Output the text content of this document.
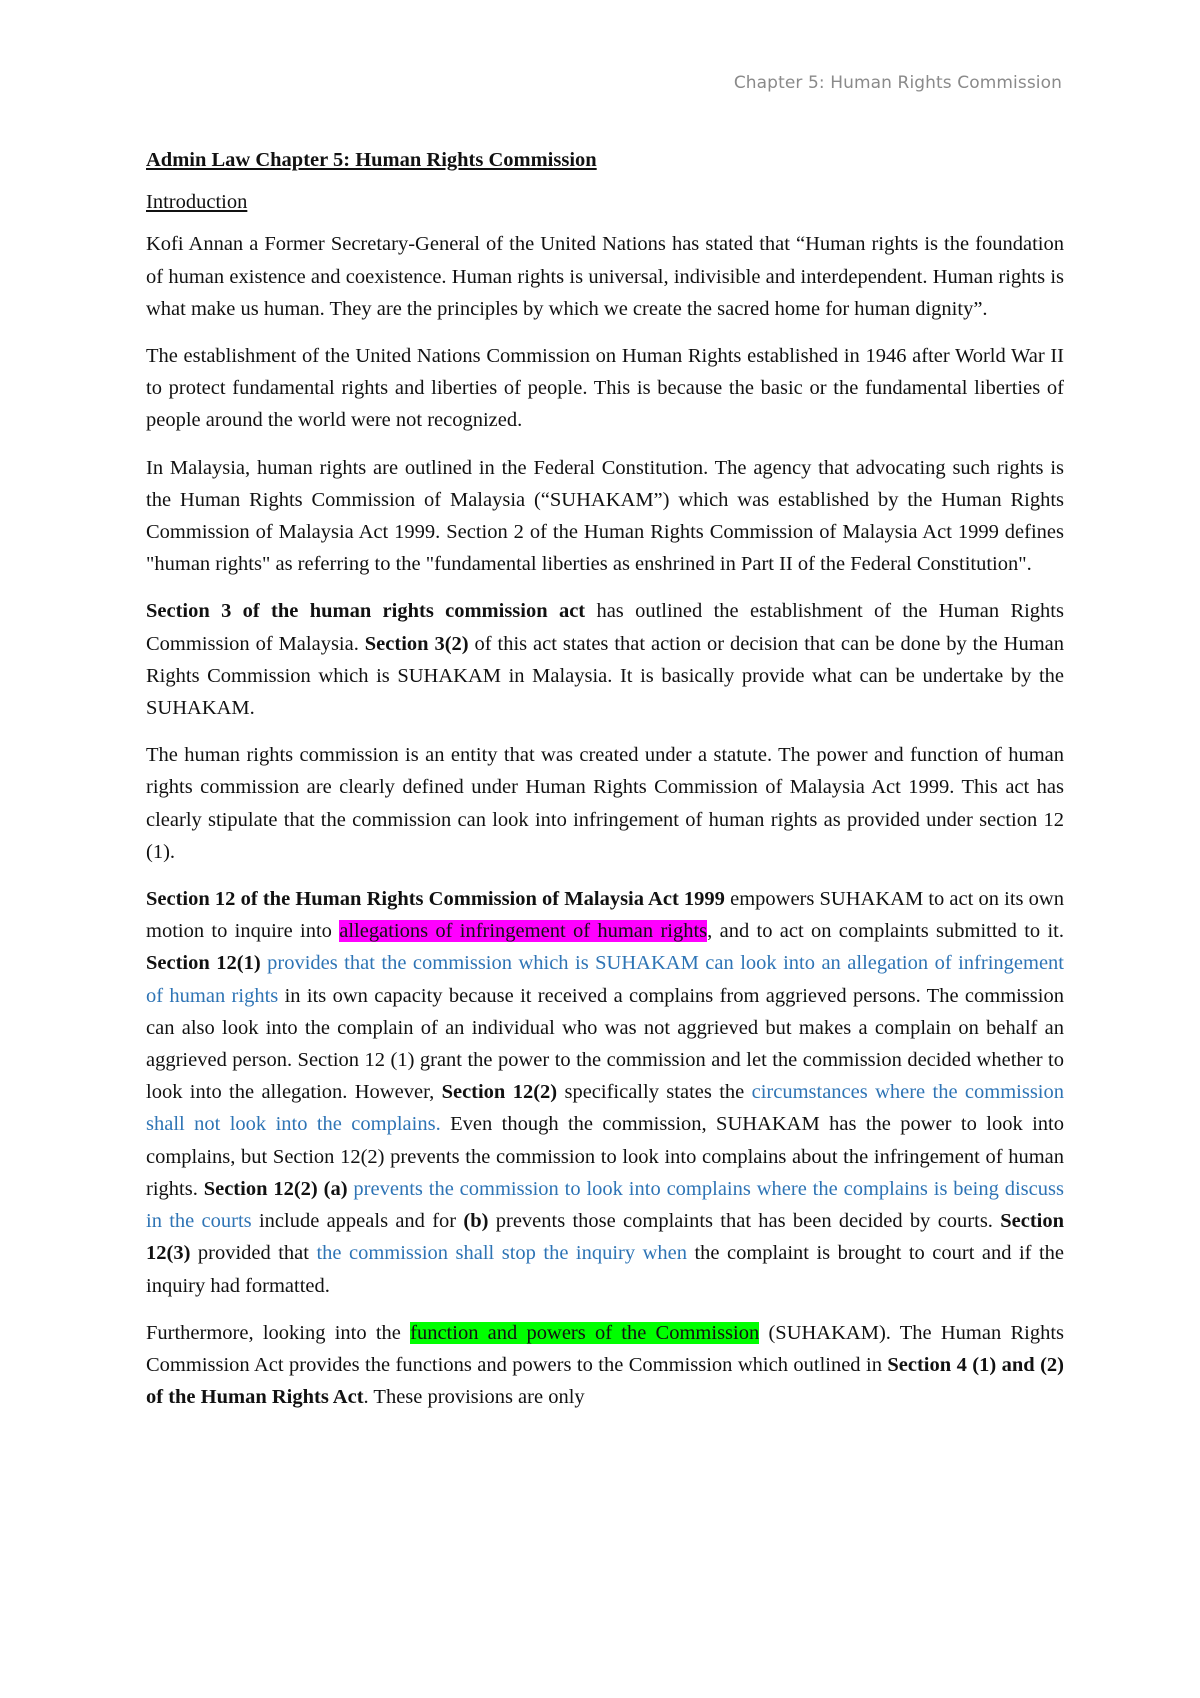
Chapter 5: Human Rights Commission

Admin Law Chapter 5: Human Rights Commission

Introduction

Kofi Annan a Former Secretary-General of the United Nations has stated that “Human rights is the foundation of human existence and coexistence. Human rights is universal, indivisible and interdependent. Human rights is what make us human. They are the principles by which we create the sacred home for human dignity”.

The establishment of the United Nations Commission on Human Rights established in 1946 after World War II to protect fundamental rights and liberties of people. This is because the basic or the fundamental liberties of people around the world were not recognized.

In Malaysia, human rights are outlined in the Federal Constitution. The agency that advocating such rights is the Human Rights Commission of Malaysia (“SUHAKAM”) which was established by the Human Rights Commission of Malaysia Act 1999. Section 2 of the Human Rights Commission of Malaysia Act 1999 defines "human rights" as referring to the "fundamental liberties as enshrined in Part II of the Federal Constitution".

Section 3 of the human rights commission act has outlined the establishment of the Human Rights Commission of Malaysia. Section 3(2) of this act states that action or decision that can be done by the Human Rights Commission which is SUHAKAM in Malaysia. It is basically provide what can be undertake by the SUHAKAM.

The human rights commission is an entity that was created under a statute. The power and function of human rights commission are clearly defined under Human Rights Commission of Malaysia Act 1999. This act has clearly stipulate that the commission can look into infringement of human rights as provided under section 12 (1).

Section 12 of the Human Rights Commission of Malaysia Act 1999 empowers SUHAKAM to act on its own motion to inquire into allegations of infringement of human rights, and to act on complaints submitted to it. Section 12(1) provides that the commission which is SUHAKAM can look into an allegation of infringement of human rights in its own capacity because it received a complains from aggrieved persons. The commission can also look into the complain of an individual who was not aggrieved but makes a complain on behalf an aggrieved person. Section 12 (1) grant the power to the commission and let the commission decided whether to look into the allegation. However, Section 12(2) specifically states the circumstances where the commission shall not look into the complains. Even though the commission, SUHAKAM has the power to look into complains, but Section 12(2) prevents the commission to look into complains about the infringement of human rights. Section 12(2) (a) prevents the commission to look into complains where the complains is being discuss in the courts include appeals and for (b) prevents those complaints that has been decided by courts. Section 12(3) provided that the commission shall stop the inquiry when the complaint is brought to court and if the inquiry had formatted.

Furthermore, looking into the function and powers of the Commission (SUHAKAM). The Human Rights Commission Act provides the functions and powers to the Commission which outlined in Section 4 (1) and (2) of the Human Rights Act. These provisions are only
